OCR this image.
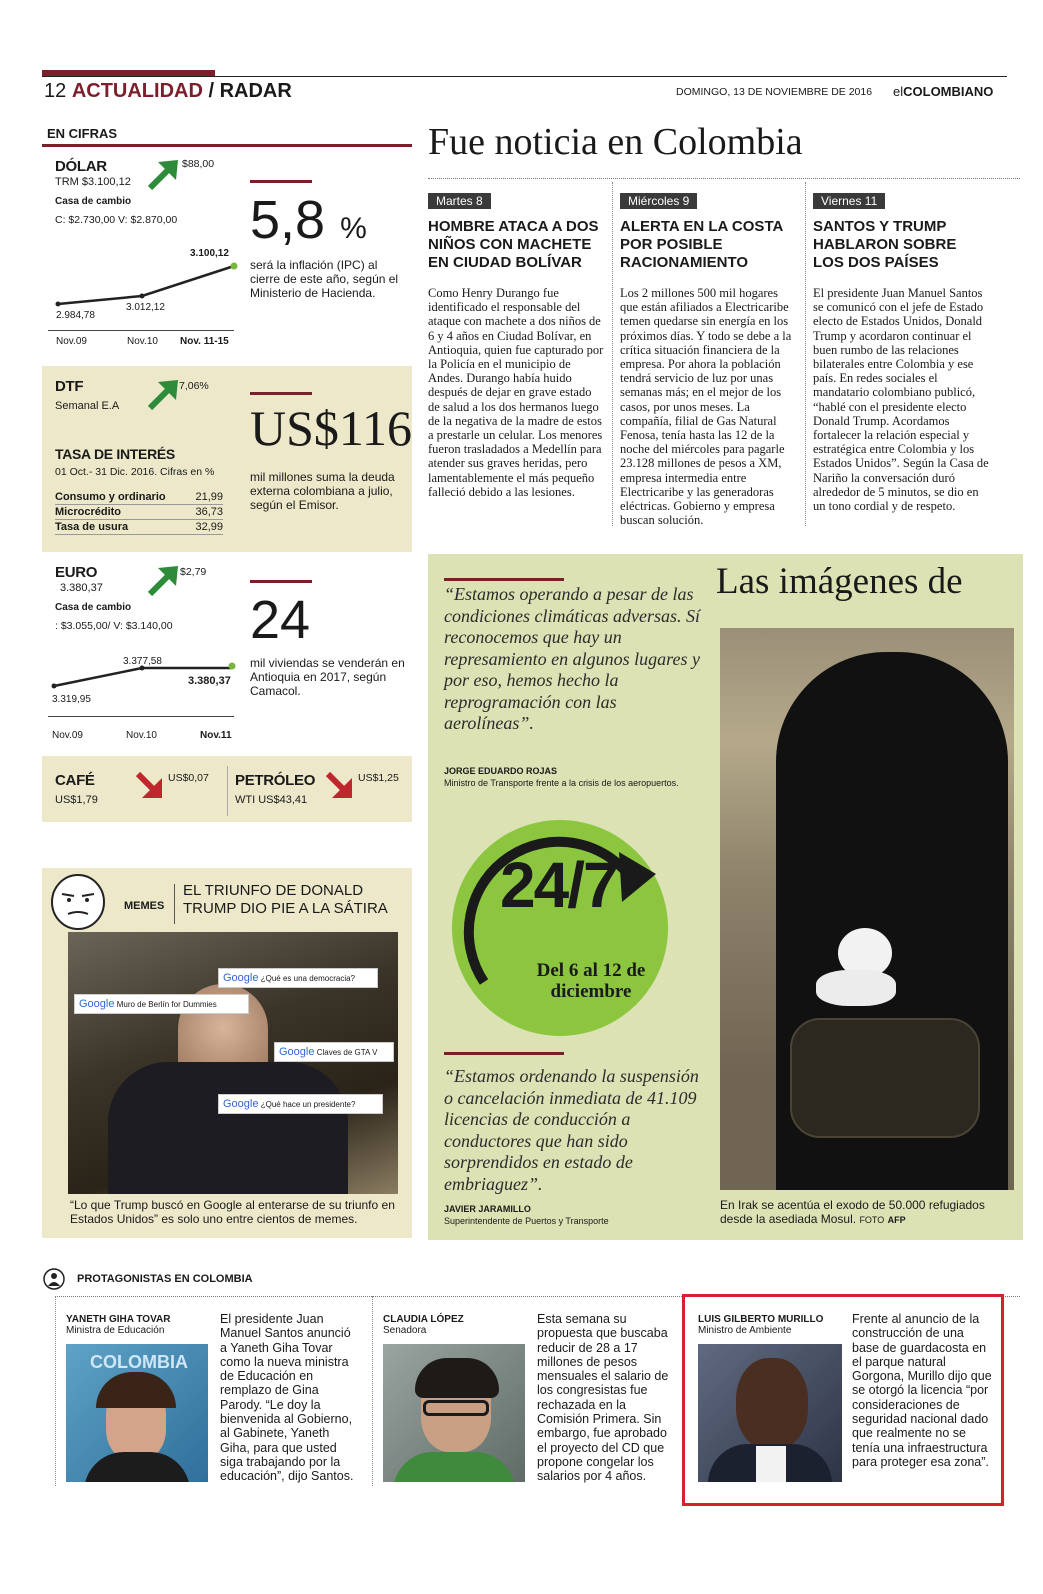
12 ACTUALIDAD / RADAR	DOMINGO, 13 DE NOVIEMBRE DE 2016 elCOLOMBIANO
EN CIFRAS
DÓLAR
TRM $3.100,12
$88,00
Casa de cambio
C: $2.730,00 V: $2.870,00
2.984,78
3.012,12
3.100,12
Nov.09	Nov.10 Nov. 11-15
5,8 %
será la inflación (IPC) al cierre de este año, según el Ministerio de Hacienda.
DTF
Semanal E.A
7,06%
TASA DE INTERÉS
01 Oct.- 31 Dic. 2016. Cifras en %
Consumo y ordinario	21,99
Microcrédito	36,73
Tasa de usura	32,99
US$116
mil millones suma la deuda externa colombiana a julio, según el Emisor.
EURO
3.380,37
$2,79
Casa de cambio
: $3.055,00/ V: $3.140,00
3.319,95
3.377,58
3.380,37
Nov.09	Nov.10	Nov.11
24
mil viviendas se venderán en Antioquia en 2017, según Camacol.
CAFÉ
US$1,79
US$0,07 PETRÓLEO
WTI US$43,41
US$1,25
MEMES
EL TRIUNFO DE DONALD TRUMP DIO PIE A LA SÁTIRA
Google ¿Qué es una democracia?
Google Muro de Berlín for Dummies
Google Claves de GTA V
Google ¿Qué hace un presidente?
“Lo que Trump buscó en Google al enterarse de su triunfo en Estados Unidos” es solo uno entre cientos de memes.
Fue noticia en Colombia
Martes 8
HOMBRE ATACA A DOS NIÑOS CON MACHETE EN CIUDAD BOLÍVAR
Como Henry Durango fue identificado el responsable del ataque con machete a dos niños de 6 y 4 años en Ciudad Bolívar, en Antioquia, quien fue capturado por la Policía en el municipio de Andes. Durango había huido después de dejar en grave estado de salud a los dos hermanos luego de la negativa de la madre de estos a prestarle un celular. Los menores fueron trasladados a Medellín para atender sus graves heridas, pero lamentablemente el más pequeño falleció debido a las lesiones.
Miércoles 9
ALERTA EN LA COSTA POR POSIBLE RACIONAMIENTO
Los 2 millones 500 mil hogares que están afiliados a Electricaribe temen quedarse sin energía en los próximos días. Y todo se debe a la crítica situación financiera de la empresa. Por ahora la población tendrá servicio de luz por unas semanas más; en el mejor de los casos, por unos meses. La compañía, filial de Gas Natural Fenosa, tenía hasta las 12 de la noche del miércoles para pagarle 23.128 millones de pesos a XM, empresa intermedia entre Electricaribe y las generadoras eléctricas. Gobierno y empresa buscan solución.
Viernes 11
SANTOS Y TRUMP HABLARON SOBRE LOS DOS PAÍSES
El presidente Juan Manuel Santos se comunicó con el jefe de Estado electo de Estados Unidos, Donald Trump y acordaron continuar el buen rumbo de las relaciones bilaterales entre Colombia y ese país. En redes sociales el mandatario colombiano publicó, “hablé con el presidente electo Donald Trump. Acordamos fortalecer la relación especial y estratégica entre Colombia y los Estados Unidos”. Según la Casa de Nariño la conversación duró alrededor de 5 minutos, se dio en un tono cordial y de respeto.
“Estamos operando a pesar de las condiciones climáticas adversas. Sí reconocemos que hay un represamiento en algunos lugares y por eso, hemos hecho la reprogramación con las aerolíneas”.
JORGE EDUARDO ROJAS
Ministro de Transporte frente a la crisis de los aeropuertos.
24/7
Del 6 al 12 de diciembre
“Estamos ordenando la suspensión o cancelación inmediata de 41.109 licencias de conducción a conductores que han sido sorprendidos en estado de embriaguez”.
JAVIER JARAMILLO
Superintendente de Puertos y Transporte
Las imágenes de
En Irak se acentúa el exodo de 50.000 refugiados desde la asediada Mosul. FOTO AFP
PROTAGONISTAS EN COLOMBIA
YANETH GIHA TOVAR
Ministra de Educación
COLOMBIA
El presidente Juan Manuel Santos anunció a Yaneth Giha Tovar como la nueva ministra de Educación en remplazo de Gina Parody. “Le doy la bienvenida al Gobierno, al Gabinete, Yaneth Giha, para que usted siga trabajando por la educación”, dijo Santos.
CLAUDIA LÓPEZ
Senadora
Esta semana su propuesta que buscaba reducir de 28 a 17 millones de pesos mensuales el salario de los congresistas fue rechazada en la Comisión Primera. Sin embargo, fue aprobado el proyecto del CD que propone congelar los salarios por 4 años.
LUIS GILBERTO MURILLO
Ministro de Ambiente
Frente al anuncio de la construcción de una base de guardacosta en el parque natural Gorgona, Murillo dijo que se otorgó la licencia “por consideraciones de seguridad nacional dado que realmente no se tenía una infraestructura para proteger esa zona”.
